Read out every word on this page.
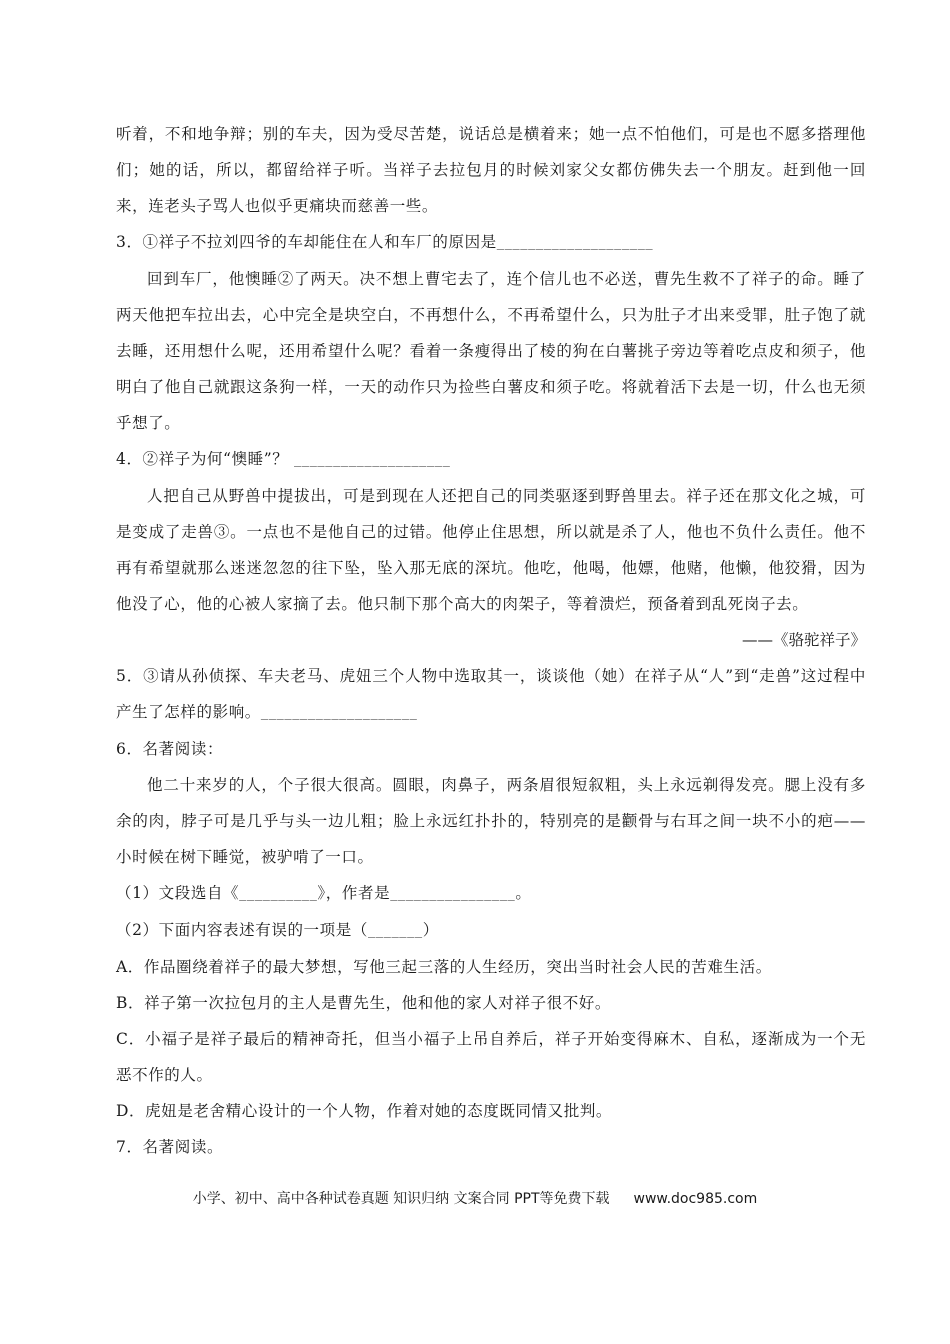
听着，不和地争辩；别的车夫，因为受尽苦楚，说话总是横着来；她一点不怕他们，可是也不愿多搭理他们；她的话，所以，都留给祥子听。当祥子去拉包月的时候刘家父女都仿佛失去一个朋友。赶到他一回来，连老头子骂人也似乎更痛块而慈善一些。

3．①祥子不拉刘四爷的车却能住在人和车厂的原因是____________________

回到车厂，他懊睡②了两天。决不想上曹宅去了，连个信儿也不必送，曹先生救不了祥子的命。睡了两天他把车拉出去，心中完全是块空白，不再想什么，不再希望什么，只为肚子才出来受罪，肚子饱了就去睡，还用想什么呢，还用希望什么呢？看着一条瘦得出了棱的狗在白薯挑子旁边等着吃点皮和须子，他明白了他自己就跟这条狗一样，一天的动作只为捡些白薯皮和须子吃。将就着活下去是一切，什么也无须乎想了。

4．②祥子为何“懊睡”？ ____________________

人把自己从野兽中提拔出，可是到现在人还把自己的同类驱逐到野兽里去。祥子还在那文化之城，可是变成了走兽③。一点也不是他自己的过错。他停止住思想，所以就是杀了人，他也不负什么责任。他不再有希望就那么迷迷忽忽的往下坠，坠入那无底的深坑。他吃，他喝，他嫖，他赌，他懒，他狡猾，因为他没了心，他的心被人家摘了去。他只制下那个高大的肉架子，等着溃烂，预备着到乱死岗子去。

——《骆驼祥子》

5．③请从孙侦探、车夫老马、虎妞三个人物中选取其一，谈谈他（她）在祥子从“人”到“走兽”这过程中产生了怎样的影响。____________________

6．名著阅读：

他二十来岁的人，个子很大很高。圆眼，肉鼻子，两条眉很短叙粗，头上永远剃得发亮。腮上没有多余的肉，脖子可是几乎与头一边儿粗；脸上永远红扑扑的，特别亮的是颧骨与右耳之间一块不小的疤——小时候在树下睡觉，被驴啃了一口。

（1）文段选自《__________》，作者是________________。

（2）下面内容表述有误的一项是（_______）

A．作品圈绕着祥子的最大梦想，写他三起三落的人生经历，突出当时社会人民的苦难生活。

B．祥子第一次拉包月的主人是曹先生，他和他的家人对祥子很不好。

C．小福子是祥子最后的精神奇托，但当小福子上吊自养后，祥子开始变得麻木、自私，逐渐成为一个无恶不作的人。

D．虎妞是老舍精心设计的一个人物，作着对她的态度既同情又批判。

7．名著阅读。

小学、初中、高中各种试卷真题 知识归纳 文案合同 PPT等免费下载 www.doc985.com
